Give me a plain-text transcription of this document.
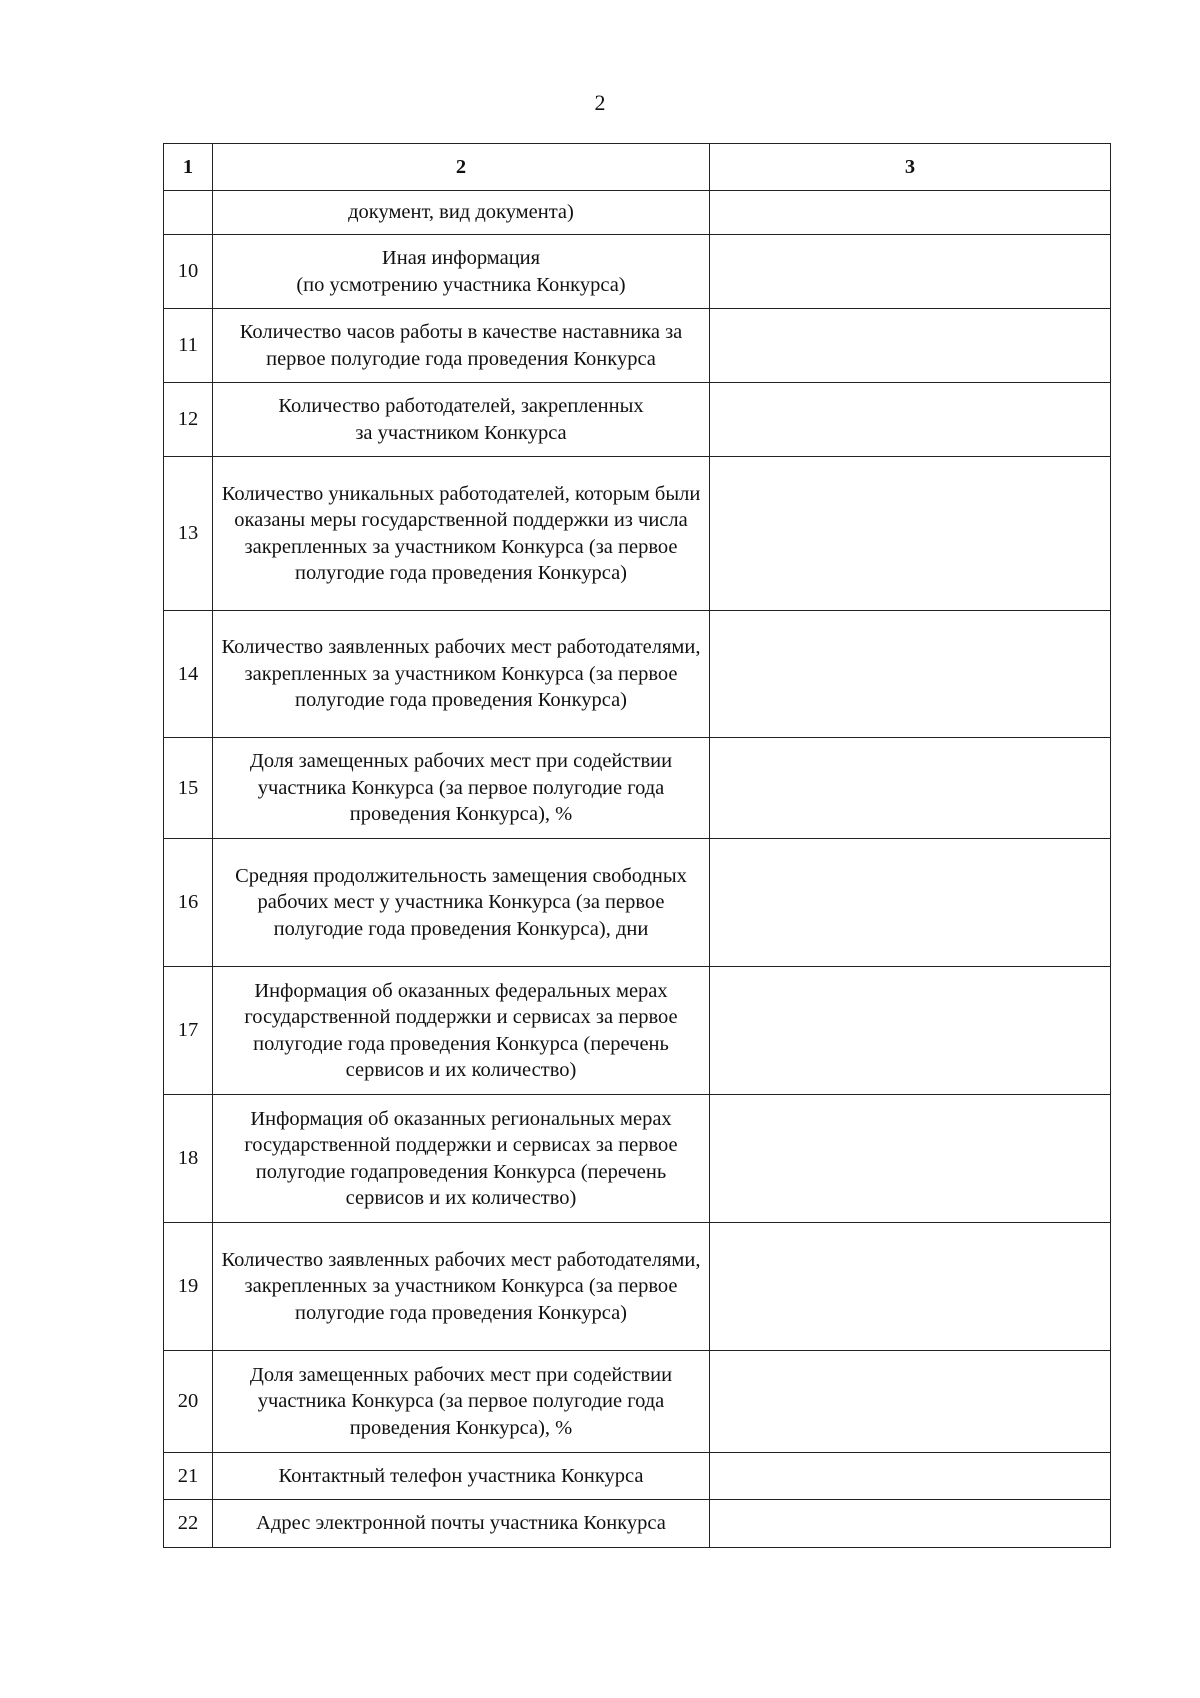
2
1	2	3
	документ, вид документа)	
10	Иная информация
(по усмотрению участника Конкурса)	
11	Количество часов работы в качестве наставника за первое полугодие года проведения Конкурса	
12	Количество работодателей, закрепленных
за участником Конкурса	
13	Количество уникальных работодателей, которым были оказаны меры государственной поддержки из числа закрепленных за участником Конкурса (за первое полугодие года проведения Конкурса)	
14	Количество заявленных рабочих мест работодателями, закрепленных за участником Конкурса (за первое полугодие года проведения Конкурса)	
15	Доля замещенных рабочих мест при содействии участника Конкурса (за первое полугодие года проведения Конкурса), %	
16	Средняя продолжительность замещения свободных рабочих мест у участника Конкурса (за первое полугодие года проведения Конкурса), дни	
17	Информация об оказанных федеральных мерах государственной поддержки и сервисах за первое полугодие года проведения Конкурса (перечень сервисов и их количество)	
18	Информация об оказанных региональных мерах государственной поддержки и сервисах за первое полугодие годапроведения Конкурса (перечень сервисов и их количество)	
19	Количество заявленных рабочих мест работодателями, закрепленных за участником Конкурса (за первое полугодие года проведения Конкурса)	
20	Доля замещенных рабочих мест при содействии участника Конкурса (за первое полугодие года проведения Конкурса), %	
21	Контактный телефон участника Конкурса	
22	Адрес электронной почты участника Конкурса	
